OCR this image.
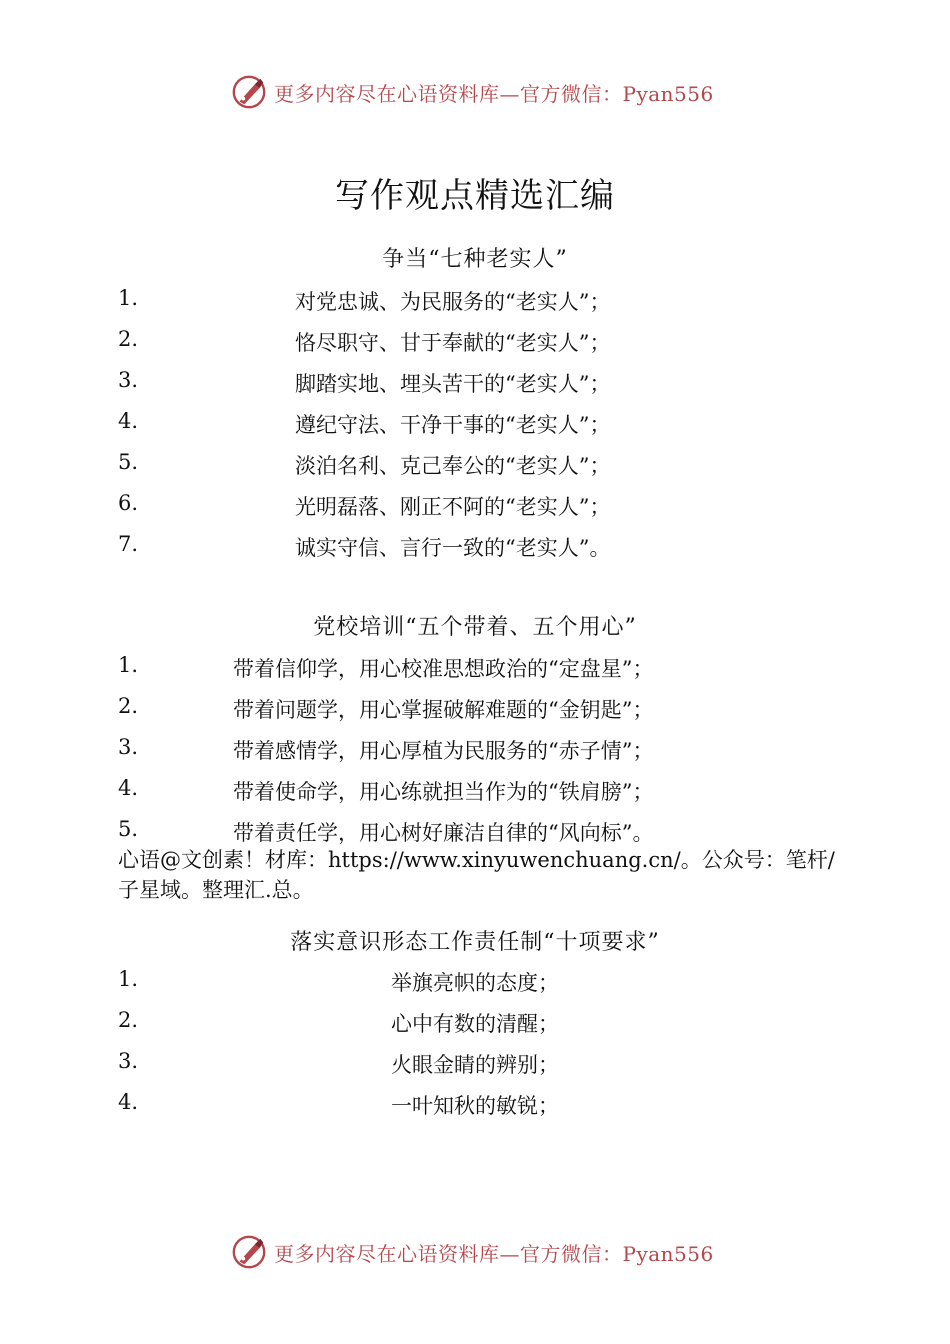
更多内容尽在心语资料库—官方微信：Pyan556
写作观点精选汇编
争当“七种老实人”
1.	对党忠诚、为民服务的“老实人”；
2.	恪尽职守、甘于奉献的“老实人”；
3.	脚踏实地、埋头苦干的“老实人”；
4.	遵纪守法、干净干事的“老实人”；
5.	淡泊名利、克己奉公的“老实人”；
6.	光明磊落、刚正不阿的“老实人”；
7.	诚实守信、言行一致的“老实人”。
党校培训“五个带着、五个用心”
1.	带着信仰学，用心校准思想政治的“定盘星”；
2.	带着问题学，用心掌握破解难题的“金钥匙”；
3.	带着感情学，用心厚植为民服务的“赤子情”；
4.	带着使命学，用心练就担当作为的“铁肩膀”；
5.	带着责任学，用心树好廉洁自律的“风向标”。
心语@文创素！材库：https://www.xinyuwenchuang.cn/。公众号：笔杆/子星域。整理汇.总。
落实意识形态工作责任制“十项要求”
1.	举旗亮帜的态度；
2.	心中有数的清醒；
3.	火眼金睛的辨别；
4.	一叶知秋的敏锐；
更多内容尽在心语资料库—官方微信：Pyan556
